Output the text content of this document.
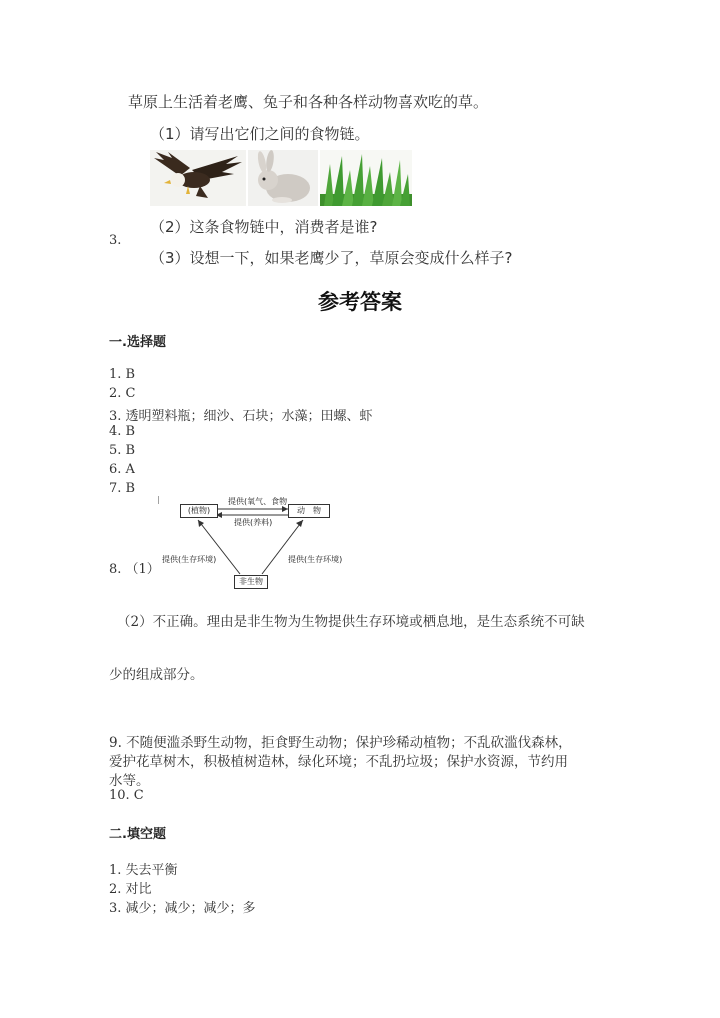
草原上生活着老鹰、兔子和各种各样动物喜欢吃的草。
（1）请写出它们之间的食物链。
（2）这条食物链中，消费者是谁?
3.
（3）设想一下，如果老鹰少了，草原会变成什么样子?
参考答案
一.选择题
1. B
2. C
3. 透明塑料瓶；细沙、石块；水藻；田螺、虾
4. B
5. B
6. A
7. B
8. （1）
(植物)	动　物
非生物
提供(氧气、食物
提供(养料)
提供(生存环境)	提供(生存环境)
（2）不正确。理由是非生物为生物提供生存环境或栖息地，是生态系统不可缺
少的组成部分。
9. 不随便滥杀野生动物，拒食野生动物；保护珍稀动植物；不乱砍滥伐森林，
爱护花草树木，积极植树造林，绿化环境；不乱扔垃圾；保护水资源，节约用
水等。
10. C
二.填空题
1. 失去平衡
2. 对比
3. 减少；减少；减少；多
